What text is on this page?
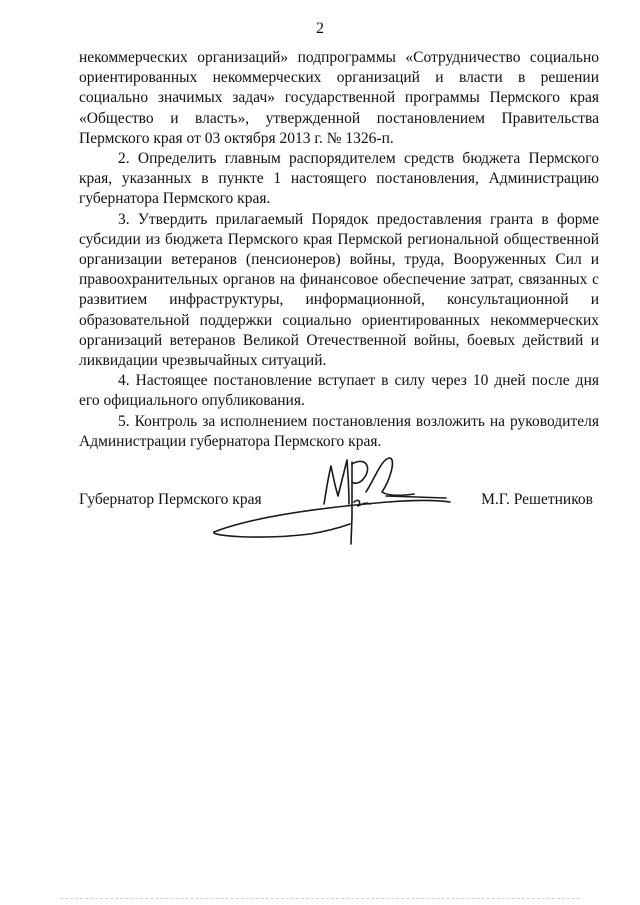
2

некоммерческих организаций» подпрограммы «Сотрудничество социально ориентированных некоммерческих организаций и власти в решении социально значимых задач» государственной программы Пермского края «Общество и власть», утвержденной постановлением Правительства Пермского края от 03 октября 2013 г. № 1326-п.

2. Определить главным распорядителем средств бюджета Пермского края, указанных в пункте 1 настоящего постановления, Администрацию губернатора Пермского края.

3. Утвердить прилагаемый Порядок предоставления гранта в форме субсидии из бюджета Пермского края Пермской региональной общественной организации ветеранов (пенсионеров) войны, труда, Вооруженных Сил и правоохранительных органов на финансовое обеспечение затрат, связанных с развитием инфраструктуры, информационной, консультационной и образовательной поддержки социально ориентированных некоммерческих организаций ветеранов Великой Отечественной войны, боевых действий и ликвидации чрезвычайных ситуаций.

4. Настоящее постановление вступает в силу через 10 дней после дня его официального опубликования.

5. Контроль за исполнением постановления возложить на руководителя Администрации губернатора Пермского края.

Губернатор Пермского края	М.Г. Решетников
